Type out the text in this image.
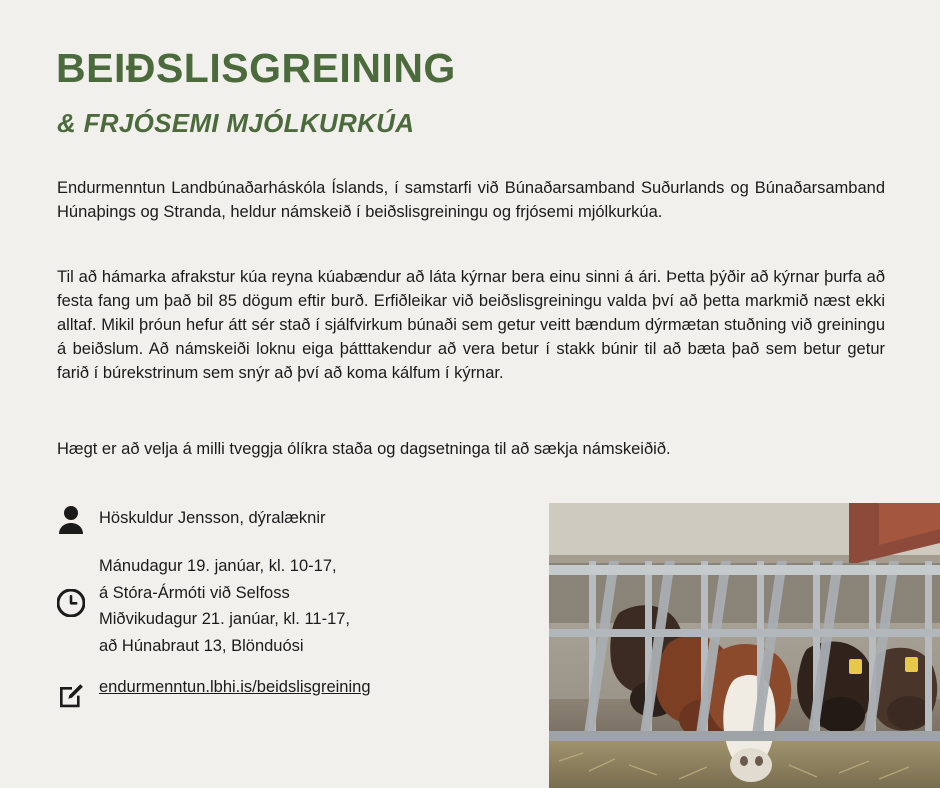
BEIÐSLISGREINING
& FRJÓSEMI MJÓLKURKÚA
Endurmenntun Landbúnaðarháskóla Íslands, í samstarfi við Búnaðarsamband Suðurlands og Búnaðarsamband Húnaþings og Stranda, heldur námskeið í beiðslisgreiningu og frjósemi mjólkurkúa.
Til að hámarka afrakstur kúa reyna kúabændur að láta kýrnar bera einu sinni á ári. Þetta þýðir að kýrnar þurfa að festa fang um það bil 85 dögum eftir burð. Erfiðleikar við beiðslisgreiningu valda því að þetta markmið næst ekki alltaf. Mikil þróun hefur átt sér stað í sjálfvirkum búnaði sem getur veitt bændum dýrmætan stuðning við greiningu á beiðslum. Að námskeiði loknu eiga þátttakendur að vera betur í stakk búnir til að bæta það sem betur getur farið í búrekstrinum sem snýr að því að koma kálfum í kýrnar.
Hægt er að velja á milli tveggja ólíkra staða og dagsetninga til að sækja námskeiðið.
Höskuldur Jensson, dýralæknir
Mánudagur 19. janúar, kl. 10-17,
á Stóra-Ármóti við Selfoss
Miðvikudagur 21. janúar, kl. 11-17,
að Húnabraut 13, Blönduósi
endurmenntun.lbhi.is/beidslisgreining
